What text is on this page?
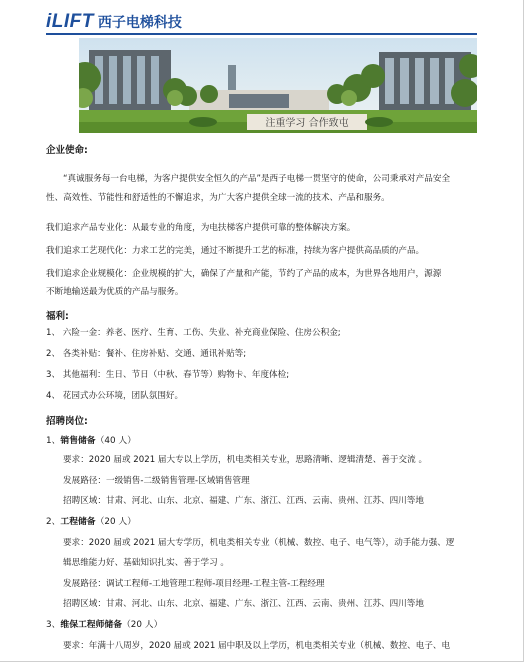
iLIFT 西子电梯科技
注重学习 合作致屯
企业使命:
“真诚服务每一台电梯，为客户提供安全恒久的产品”是西子电梯一贯坚守的使命，公司秉承对产品安全
性、高效性、节能性和舒适性的不懈追求，为广大客户提供全球一流的技术、产品和服务。
我们追求产品专业化：从最专业的角度，为电扶梯客户提供可靠的整体解决方案。
我们追求工艺现代化：力求工艺的完美，通过不断提升工艺的标准，持续为客户提供高品质的产品。
我们追求企业规模化：企业规模的扩大，确保了产量和产能，节约了产品的成本，为世界各地用户，源源
不断地输送最为优质的产品与服务。
福利:
1、 六险一金：养老、医疗、生育、工伤、失业、补充商业保险、住房公积金;
2、 各类补贴：餐补、住房补贴、交通、通讯补贴等;
3、 其他福利：生日、节日（中秋、春节等）购物卡、年度体检;
4、 花园式办公环境，团队氛围好。
招聘岗位:
1、销售储备（40 人）
要求：2020 届或 2021 届大专以上学历，机电类相关专业，思路清晰、逻辑清楚、善于交流 。
发展路径：一级销售-二级销售管理-区域销售管理
招聘区域：甘肃、河北、山东、北京、福建、广东、浙江、江西、云南、贵州、江苏、四川等地
2、工程储备（20 人）
要求：2020 届或 2021 届大专学历，机电类相关专业（机械、数控、电子、电气等），动手能力强、逻
辑思维能力好、基础知识扎实、善于学习 。
发展路径：调试工程师-工地管理工程师-项目经理-工程主管-工程经理
招聘区域：甘肃、河北、山东、北京、福建、广东、浙江、江西、云南、贵州、江苏、四川等地
3、维保工程师储备（20 人）
要求：年满十八周岁，2020 届或 2021 届中职及以上学历，机电类相关专业（机械、数控、电子、电
